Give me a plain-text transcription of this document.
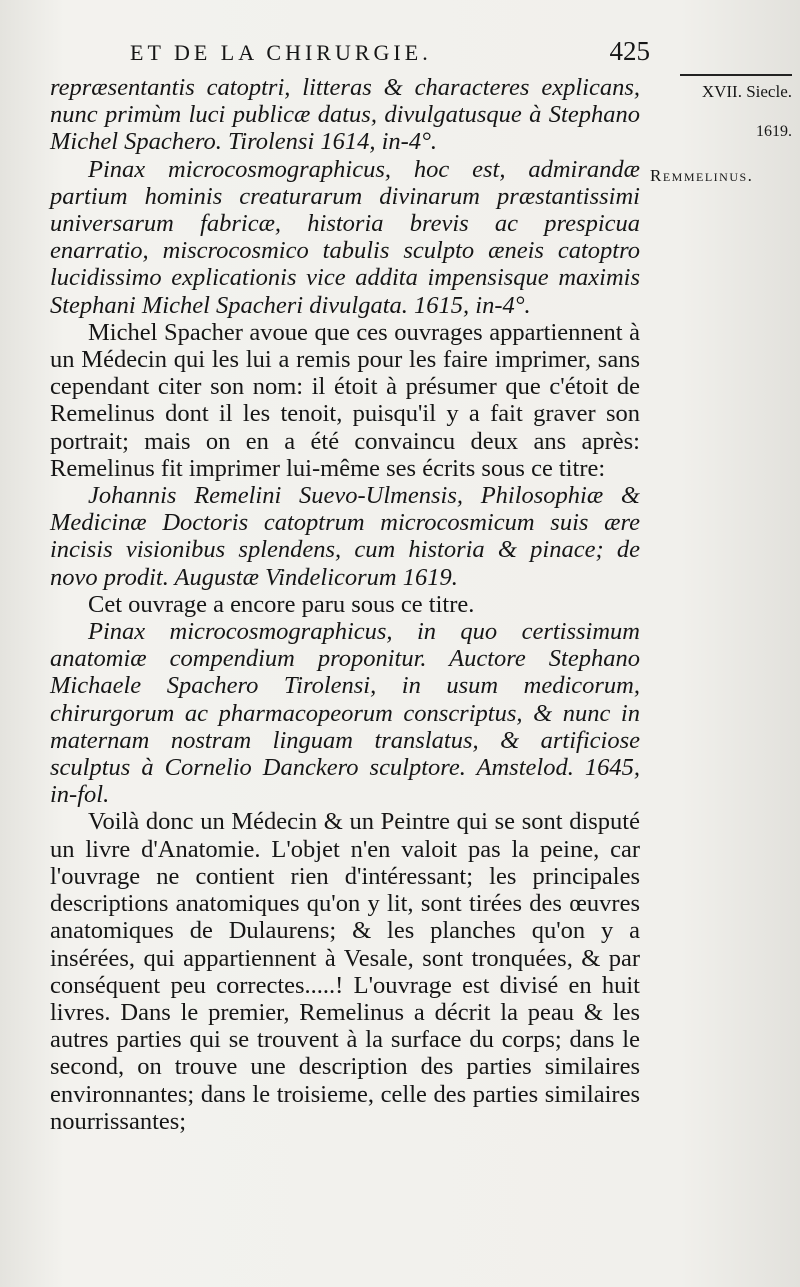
ET DE LA CHIRURGIE.	425
XVII. Siecle.
1619.
Remmelinus.

repræsentantis catoptri, litteras & characteres explicans, nunc primùm luci publicæ datus, divulgatusque à Stephano Michel Spachero. Tirolensi 1614, in-4°.

Pinax microcosmographicus, hoc est, admirandæ partium hominis creaturarum divinarum præstantissimi universarum fabricæ, historia brevis ac prespicua enarratio, miscrocosmico tabulis sculpto æneis catoptro lucidissimo explicationis vice addita impensisque maximis Stephani Michel Spacheri divulgata. 1615, in-4°.

Michel Spacher avoue que ces ouvrages appartiennent à un Médecin qui les lui a remis pour les faire imprimer, sans cependant citer son nom: il étoit à présumer que c'étoit de Remelinus dont il les tenoit, puisqu'il y a fait graver son portrait; mais on en a été convaincu deux ans après: Remelinus fit imprimer lui-même ses écrits sous ce titre:

Johannis Remelini Suevo-Ulmensis, Philosophiæ & Medicinæ Doctoris catoptrum microcosmicum suis ære incisis visionibus splendens, cum historia & pinace; de novo prodit. Augustæ Vindelicorum 1619.

Cet ouvrage a encore paru sous ce titre.

Pinax microcosmographicus, in quo certissimum anatomiæ compendium proponitur. Auctore Stephano Michaele Spachero Tirolensi, in usum medicorum, chirurgorum ac pharmacopeorum conscriptus, & nunc in maternam nostram linguam translatus, & artificiose sculptus à Cornelio Danckero sculptore. Amstelod. 1645, in-fol.

Voilà donc un Médecin & un Peintre qui se sont disputé un livre d'Anatomie. L'objet n'en valoit pas la peine, car l'ouvrage ne contient rien d'intéressant; les principales descriptions anatomiques qu'on y lit, sont tirées des œuvres anatomiques de Dulaurens; & les planches qu'on y a insérées, qui appartiennent à Vesale, sont tronquées, & par conséquent peu correctes.....! L'ouvrage est divisé en huit livres. Dans le premier, Remelinus a décrit la peau & les autres parties qui se trouvent à la surface du corps; dans le second, on trouve une description des parties similaires environnantes; dans le troisieme, celle des parties similaires nourrissantes;
